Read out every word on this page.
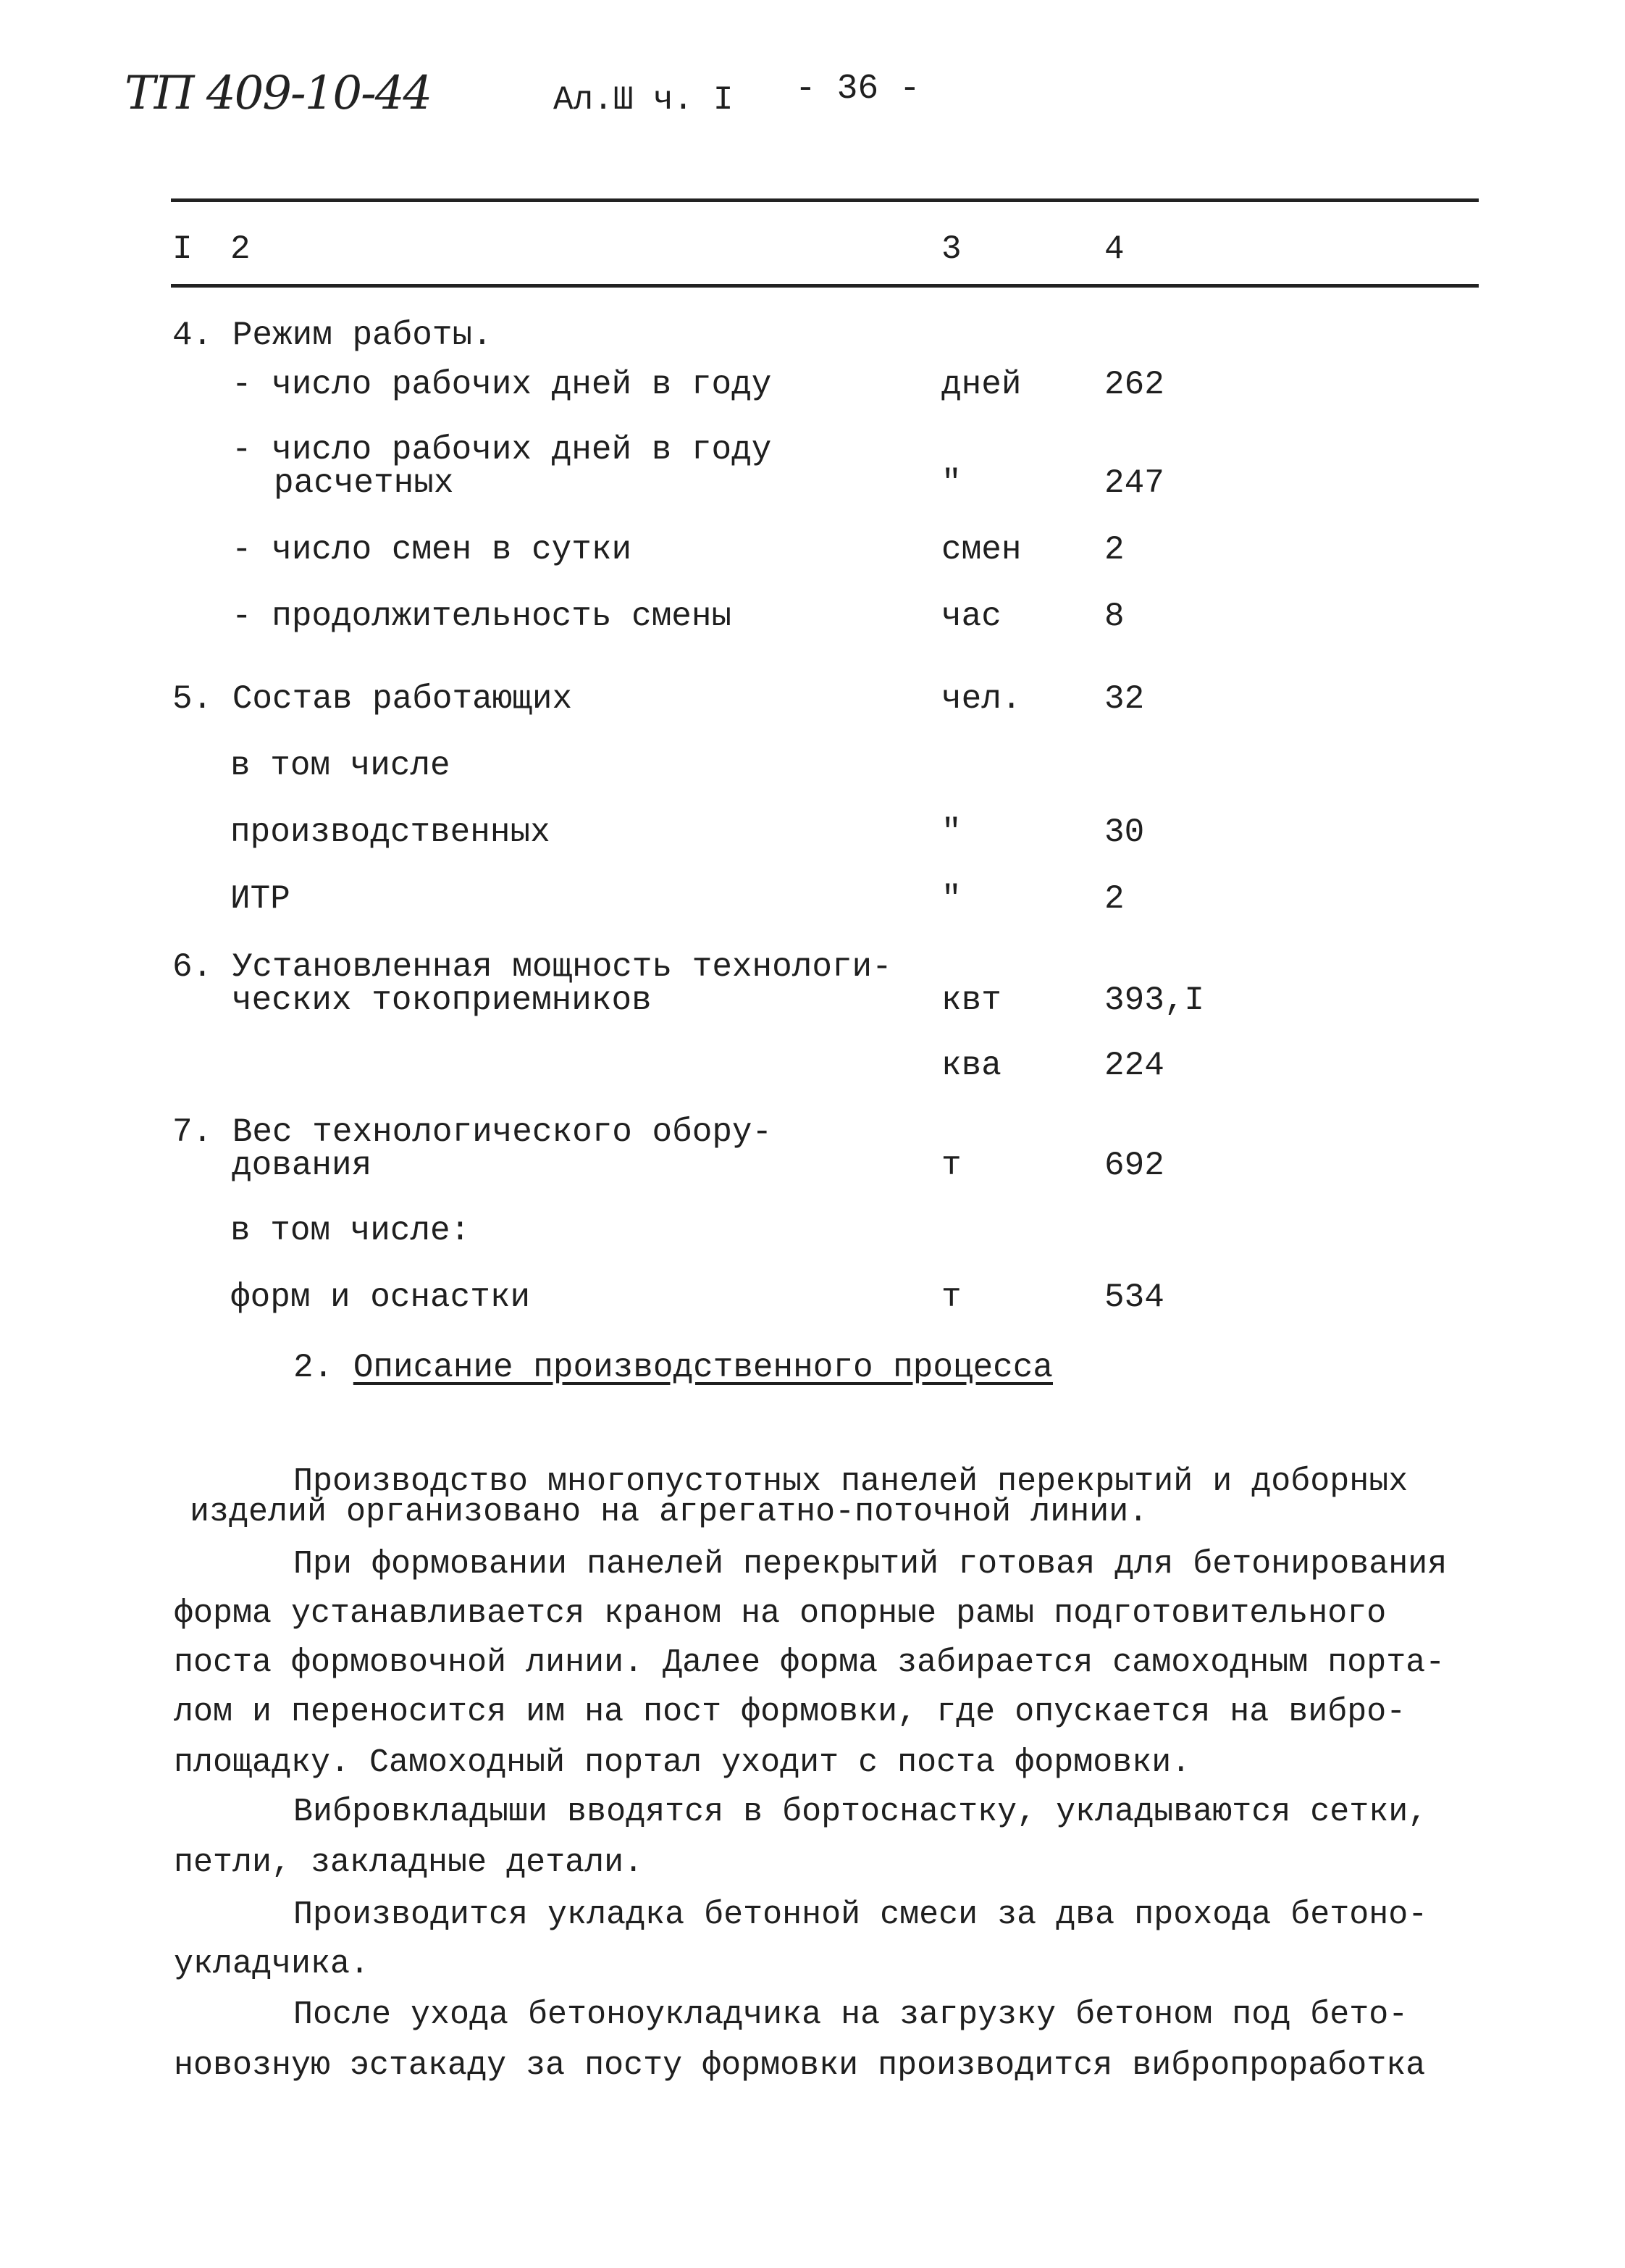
ТП 409-10-44	Ал.Ш ч. I - 36 -
I 2	3	4
4. Режим работы.
- число рабочих дней в году	дней 262
- число рабочих дней в году
расчетных	"	247
- число смен в сутки	смен 2
- продолжительность смены	час	8
5. Состав работающих	чел. 32
в том числе
производственных	"	30
ИТР	"	2
6. Установленная мощность технологи-
ческих токоприемников	квт	393,I
ква	224
7. Вес технологического обору-
дования	т	692
в том числе:
форм и оснастки	т	534
2. Описание производственного процесса
Производство многопустотных панелей перекрытий и доборных
изделий организовано на агрегатно-поточной линии.
При формовании панелей перекрытий готовая для бетонирования
форма устанавливается краном на опорные рамы подготовительного
поста формовочной линии. Далее форма забирается самоходным порта-
лом и переносится им на пост формовки, где опускается на вибро-
площадку. Самоходный портал уходит с поста формовки.
Вибровкладыши вводятся в бортоснастку, укладываются сетки,
петли, закладные детали.
Производится укладка бетонной смеси за два прохода бетоно-
укладчика.
После ухода бетоноукладчика на загрузку бетоном под бето-
новозную эстакаду за посту формовки производится вибропроработка
